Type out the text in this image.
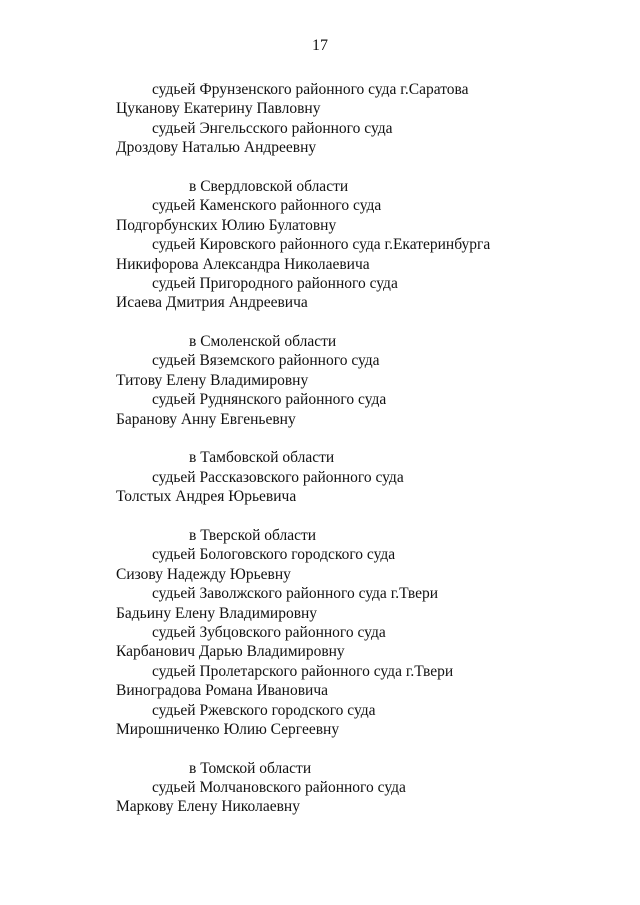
17
судьей Фрунзенского районного суда г.Саратова
Цуканову Екатерину Павловну
судьей Энгельсского районного суда
Дроздову Наталью Андреевну
в Свердловской области
судьей Каменского районного суда
Подгорбунских Юлию Булатовну
судьей Кировского районного суда г.Екатеринбурга
Никифорова Александра Николаевича
судьей Пригородного районного суда
Исаева Дмитрия Андреевича
в Смоленской области
судьей Вяземского районного суда
Титову Елену Владимировну
судьей Руднянского районного суда
Баранову Анну Евгеньевну
в Тамбовской области
судьей Рассказовского районного суда
Толстых Андрея Юрьевича
в Тверской области
судьей Бологовского городского суда
Сизову Надежду Юрьевну
судьей Заволжского районного суда г.Твери
Бадьину Елену Владимировну
судьей Зубцовского районного суда
Карбанович Дарью Владимировну
судьей Пролетарского районного суда г.Твери
Виноградова Романа Ивановича
судьей Ржевского городского суда
Мирошниченко Юлию Сергеевну
в Томской области
судьей Молчановского районного суда
Маркову Елену Николаевну
